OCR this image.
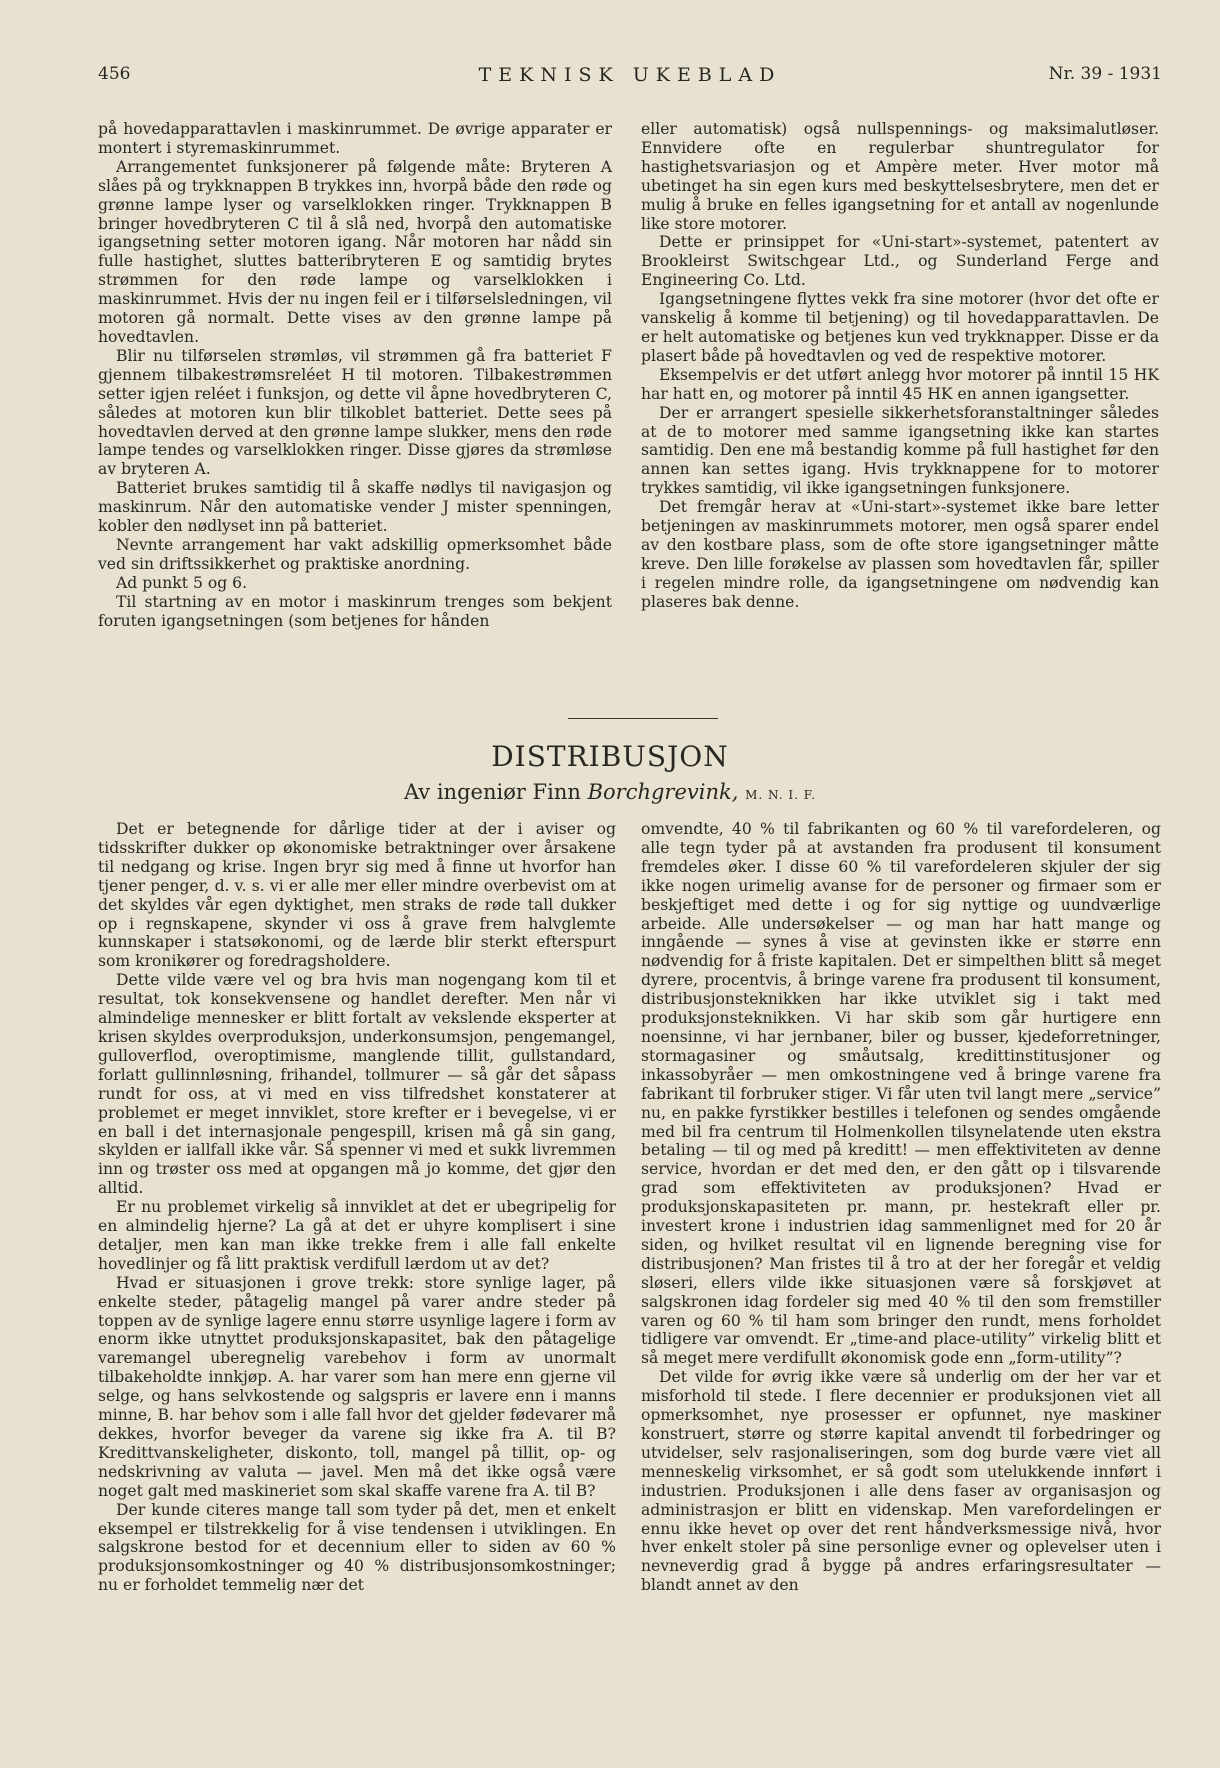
456	TEKNISK UKEBLAD	Nr. 39 - 1931

på hovedapparattavlen i maskinrummet. De øvrige apparater er montert i styremaskinrummet.

Arrangementet funksjonerer på følgende måte: Bryteren A slåes på og trykknappen B trykkes inn, hvorpå både den røde og grønne lampe lyser og varselklokken ringer. Trykknappen B bringer hovedbryteren C til å slå ned, hvorpå den automatiske igangsetning setter motoren igang. Når motoren har nådd sin fulle hastighet, sluttes batteribryteren E og samtidig brytes strømmen for den røde lampe og varselklokken i maskinrummet. Hvis der nu ingen feil er i tilførselsledningen, vil motoren gå normalt. Dette vises av den grønne lampe på hovedtavlen.

Blir nu tilførselen strømløs, vil strømmen gå fra batteriet F gjennem tilbakestrømsreléet H til motoren. Tilbakestrømmen setter igjen reléet i funksjon, og dette vil åpne hovedbryteren C, således at motoren kun blir tilkoblet batteriet. Dette sees på hovedtavlen derved at den grønne lampe slukker, mens den røde lampe tendes og varselklokken ringer. Disse gjøres da strømløse av bryteren A.

Batteriet brukes samtidig til å skaffe nødlys til navigasjon og maskinrum. Når den automatiske vender J mister spenningen, kobler den nødlyset inn på batteriet.

Nevnte arrangement har vakt adskillig opmerksomhet både ved sin driftssikkerhet og praktiske anordning.

Ad punkt 5 og 6.

Til startning av en motor i maskinrum trenges som bekjent foruten igangsetningen (som betjenes for hånden

eller automatisk) også nullspennings- og maksimalutløser. Ennvidere ofte en regulerbar shuntregulator for hastighetsvariasjon og et Ampère meter. Hver motor må ubetinget ha sin egen kurs med beskyttelsesbrytere, men det er mulig å bruke en felles igangsetning for et antall av nogenlunde like store motorer.

Dette er prinsippet for «Uni-start»-systemet, patentert av Brookleirst Switschgear Ltd., og Sunderland Ferge and Engineering Co. Ltd.

Igangsetningene flyttes vekk fra sine motorer (hvor det ofte er vanskelig å komme til betjening) og til hovedapparattavlen. De er helt automatiske og betjenes kun ved trykknapper. Disse er da plasert både på hovedtavlen og ved de respektive motorer.

Eksempelvis er det utført anlegg hvor motorer på inntil 15 HK har hatt en, og motorer på inntil 45 HK en annen igangsetter.

Der er arrangert spesielle sikkerhetsforanstaltninger således at de to motorer med samme igangsetning ikke kan startes samtidig. Den ene må bestandig komme på full hastighet før den annen kan settes igang. Hvis trykknappene for to motorer trykkes samtidig, vil ikke igangsetningen funksjonere.

Det fremgår herav at «Uni-start»-systemet ikke bare letter betjeningen av maskinrummets motorer, men også sparer endel av den kostbare plass, som de ofte store igangsetninger måtte kreve. Den lille forøkelse av plassen som hovedtavlen får, spiller i regelen mindre rolle, da igangsetningene om nødvendig kan plaseres bak denne.

DISTRIBUSJON
Av ingeniør Finn Borchgrevink, M. N. I. F.

Det er betegnende for dårlige tider at der i aviser og tidsskrifter dukker op økonomiske betraktninger over årsakene til nedgang og krise. Ingen bryr sig med å finne ut hvorfor han tjener penger, d. v. s. vi er alle mer eller mindre overbevist om at det skyldes vår egen dyktighet, men straks de røde tall dukker op i regnskapene, skynder vi oss å grave frem halvglemte kunnskaper i statsøkonomi, og de lærde blir sterkt efterspurt som kronikører og foredragsholdere.

Dette vilde være vel og bra hvis man nogengang kom til et resultat, tok konsekvensene og handlet derefter. Men når vi almindelige mennesker er blitt fortalt av vekslende eksperter at krisen skyldes overproduksjon, underkonsumsjon, pengemangel, gulloverflod, overoptimisme, manglende tillit, gullstandard, forlatt gullinnløsning, frihandel, tollmurer — så går det såpass rundt for oss, at vi med en viss tilfredshet konstaterer at problemet er meget innviklet, store krefter er i bevegelse, vi er en ball i det internasjonale pengespill, krisen må gå sin gang, skylden er iallfall ikke vår. Så spenner vi med et sukk livremmen inn og trøster oss med at opgangen må jo komme, det gjør den alltid.

Er nu problemet virkelig så innviklet at det er ubegripelig for en almindelig hjerne? La gå at det er uhyre komplisert i sine detaljer, men kan man ikke trekke frem i alle fall enkelte hovedlinjer og få litt praktisk verdifull lærdom ut av det?

Hvad er situasjonen i grove trekk: store synlige lager, på enkelte steder, påtagelig mangel på varer andre steder på toppen av de synlige lagere ennu større usynlige lagere i form av enorm ikke utnyttet produksjonskapasitet, bak den påtagelige varemangel uberegnelig varebehov i form av unormalt tilbakeholdte innkjøp. A. har varer som han mere enn gjerne vil selge, og hans selvkostende og salgspris er lavere enn i manns minne, B. har behov som i alle fall hvor det gjelder fødevarer må dekkes, hvorfor beveger da varene sig ikke fra A. til B? Kredittvanskeligheter, diskonto, toll, mangel på tillit, op- og nedskrivning av valuta — javel. Men må det ikke også være noget galt med maskineriet som skal skaffe varene fra A. til B?

Der kunde citeres mange tall som tyder på det, men et enkelt eksempel er tilstrekkelig for å vise tendensen i utviklingen. En salgskrone bestod for et decennium eller to siden av 60 % produksjonsomkostninger og 40 % distribusjonsomkostninger; nu er forholdet temmelig nær det

omvendte, 40 % til fabrikanten og 60 % til varefordeleren, og alle tegn tyder på at avstanden fra produsent til konsument fremdeles øker. I disse 60 % til varefordeleren skjuler der sig ikke nogen urimelig avanse for de personer og firmaer som er beskjeftiget med dette i og for sig nyttige og uundværlige arbeide. Alle undersøkelser — og man har hatt mange og inngående — synes å vise at gevinsten ikke er større enn nødvendig for å friste kapitalen. Det er simpelthen blitt så meget dyrere, procentvis, å bringe varene fra produsent til konsument, distribusjonsteknikken har ikke utviklet sig i takt med produksjonsteknikken. Vi har skib som går hurtigere enn noensinne, vi har jernbaner, biler og busser, kjedeforretninger, stormagasiner og småutsalg, kredittinstitusjoner og inkassobyråer — men omkostningene ved å bringe varene fra fabrikant til forbruker stiger. Vi får uten tvil langt mere „service” nu, en pakke fyrstikker bestilles i telefonen og sendes omgående med bil fra centrum til Holmenkollen tilsynelatende uten ekstra betaling — til og med på kreditt! — men effektiviteten av denne service, hvordan er det med den, er den gått op i tilsvarende grad som effektiviteten av produksjonen? Hvad er produksjonskapasiteten pr. mann, pr. hestekraft eller pr. investert krone i industrien idag sammenlignet med for 20 år siden, og hvilket resultat vil en lignende beregning vise for distribusjonen? Man fristes til å tro at der her foregår et veldig sløseri, ellers vilde ikke situasjonen være så forskjøvet at salgskronen idag fordeler sig med 40 % til den som fremstiller varen og 60 % til ham som bringer den rundt, mens forholdet tidligere var omvendt. Er „time-and place-utility” virkelig blitt et så meget mere verdifullt økonomisk gode enn „form-utility”?

Det vilde for øvrig ikke være så underlig om der her var et misforhold til stede. I flere decennier er produksjonen viet all opmerksomhet, nye prosesser er opfunnet, nye maskiner konstruert, større og større kapital anvendt til forbedringer og utvidelser, selv rasjonaliseringen, som dog burde være viet all menneskelig virksomhet, er så godt som utelukkende innført i industrien. Produksjonen i alle dens faser av organisasjon og administrasjon er blitt en videnskap. Men varefordelingen er ennu ikke hevet op over det rent håndverksmessige nivå, hvor hver enkelt stoler på sine personlige evner og oplevelser uten i nevneverdig grad å bygge på andres erfaringsresultater — blandt annet av den
